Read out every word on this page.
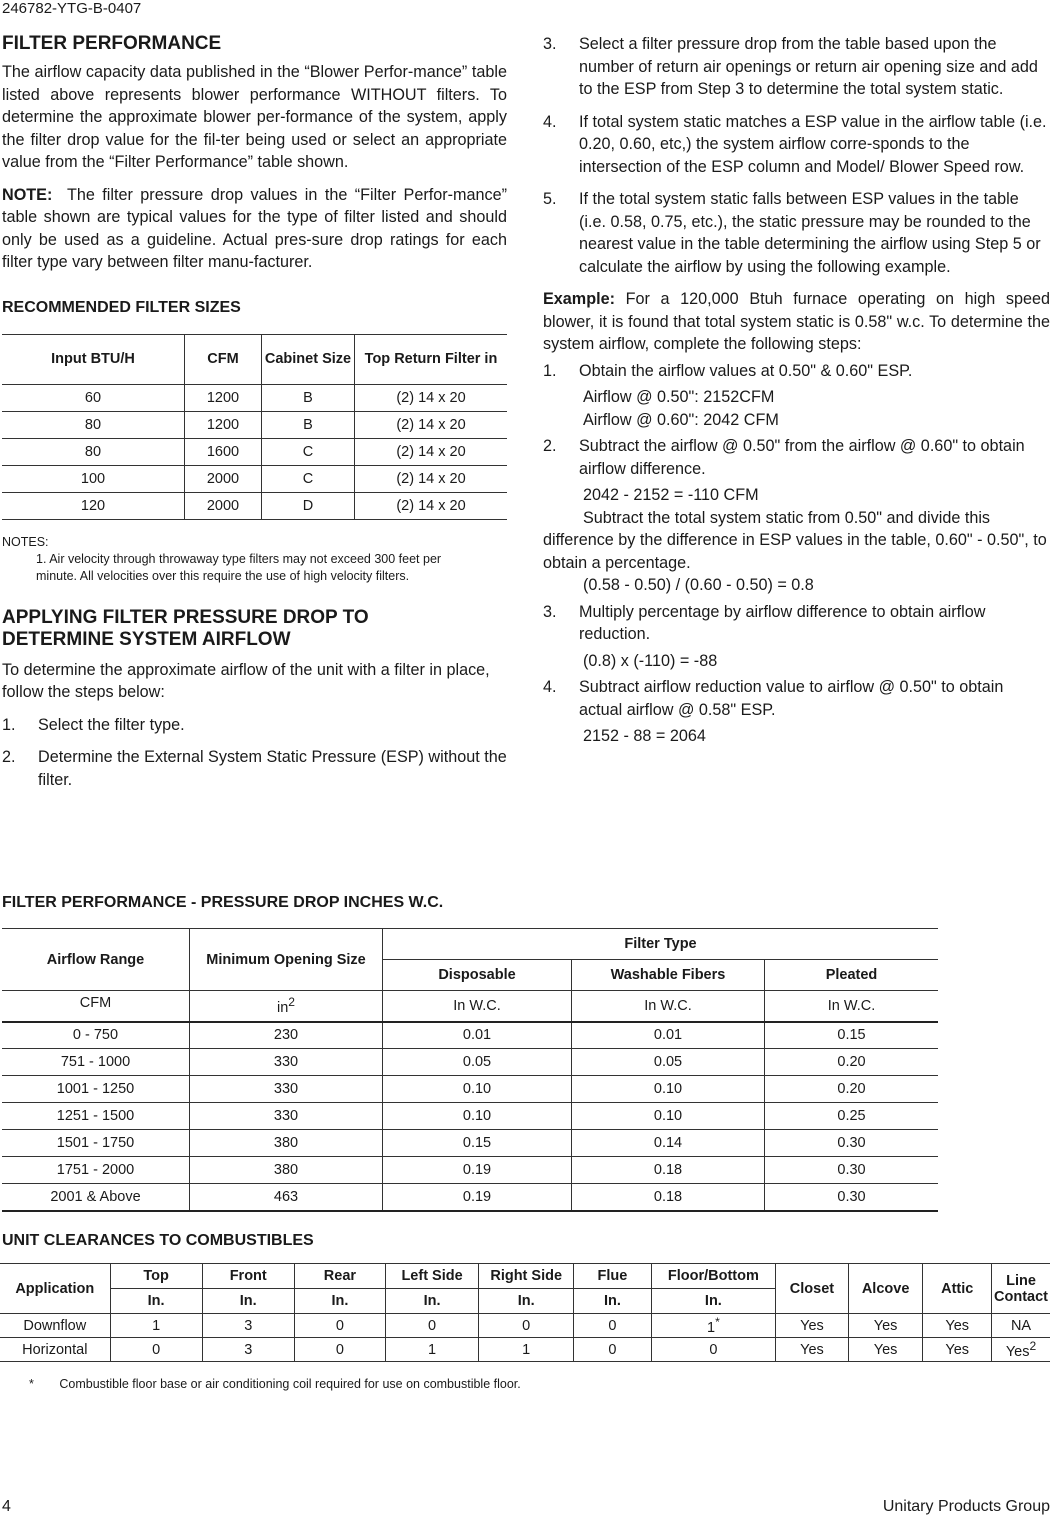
246782-YTG-B-0407
FILTER PERFORMANCE

The airflow capacity data published in the “Blower Perfor-mance” table listed above represents blower performance WITHOUT filters. To determine the approximate blower per-formance of the system, apply the filter drop value for the fil-ter being used or select an appropriate value from the “Filter Performance” table shown.

NOTE: The filter pressure drop values in the “Filter Perfor-mance” table shown are typical values for the type of filter listed and should only be used as a guideline. Actual pres-sure drop ratings for each filter type vary between filter manu-facturer.

RECOMMENDED FILTER SIZES
Input BTU/H	CFM	Cabinet Size	Top Return Filter in
60	1200	B	(2) 14 x 20
80	1200	B	(2) 14 x 20
80	1600	C	(2) 14 x 20
100	2000	C	(2) 14 x 20
120	2000	D	(2) 14 x 20
NOTES:
1. Air velocity through throwaway type filters may not exceed 300 feet per minute. All velocities over this require the use of high velocity filters.
APPLYING FILTER PRESSURE DROP TO
DETERMINE SYSTEM AIRFLOW

To determine the approximate airflow of the unit with a filter in place, follow the steps below:

1. Select the filter type.
2. Determine the External System Static Pressure (ESP) without the filter.
3. Select a filter pressure drop from the table based upon the number of return air openings or return air opening size and add to the ESP from Step 3 to determine the total system static.
4. If total system static matches a ESP value in the airflow table (i.e. 0.20, 0.60, etc,) the system airflow corre-sponds to the intersection of the ESP column and Model/ Blower Speed row.
5. If the total system static falls between ESP values in the table (i.e. 0.58, 0.75, etc.), the static pressure may be rounded to the nearest value in the table determining the airflow using Step 5 or calculate the airflow by using the following example.

Example: For a 120,000 Btuh furnace operating on high speed blower, it is found that total system static is 0.58" w.c. To determine the system airflow, complete the following steps:

1. Obtain the airflow values at 0.50" & 0.60" ESP.
Airflow @ 0.50": 2152CFM
Airflow @ 0.60": 2042 CFM
2. Subtract the airflow @ 0.50" from the airflow @ 0.60" to obtain airflow difference.
2042 - 2152 = -110 CFM
Subtract the total system static from 0.50" and divide this

difference by the difference in ESP values in the table, 0.60" - 0.50", to obtain a percentage.

(0.58 - 0.50) / (0.60 - 0.50) = 0.8
3. Multiply percentage by airflow difference to obtain airflow reduction.
(0.8) x (-110) = -88
4. Subtract airflow reduction value to airflow @ 0.50" to obtain actual airflow @ 0.58" ESP.
2152 - 88 = 2064
FILTER PERFORMANCE - PRESSURE DROP INCHES W.C.
Airflow Range	Minimum Opening Size	Filter Type		
		Disposable	Washable Fibers	Pleated
CFM	$in^2$	In W.C.	In W.C.	In W.C.
0 - 750	230	0.01	0.01	0.15
751 - 1000	330	0.05	0.05	0.20
1001 - 1250	330	0.10	0.10	0.20
1251 - 1500	330	0.10	0.10	0.25
1501 - 1750	380	0.15	0.14	0.30
1751 - 2000	380	0.19	0.18	0.30
2001 & Above	463	0.19	0.18	0.30
UNIT CLEARANCES TO COMBUSTIBLES
Application	Top	Front	Rear	Left Side	Right Side	Flue	Floor/Bottom	Closet	Alcove	Attic	Line Contact
	In.	In.	In.	In.	In.	In.	In.				
Downflow	1	3	0	0	0	0	1*	Yes	Yes	Yes	NA
Horizontal	0	3	0	1	1	0	0	Yes	Yes	Yes	Yes$^2$
* Combustible floor base or air conditioning coil required for use on combustible floor.
4	Unitary Products Group
